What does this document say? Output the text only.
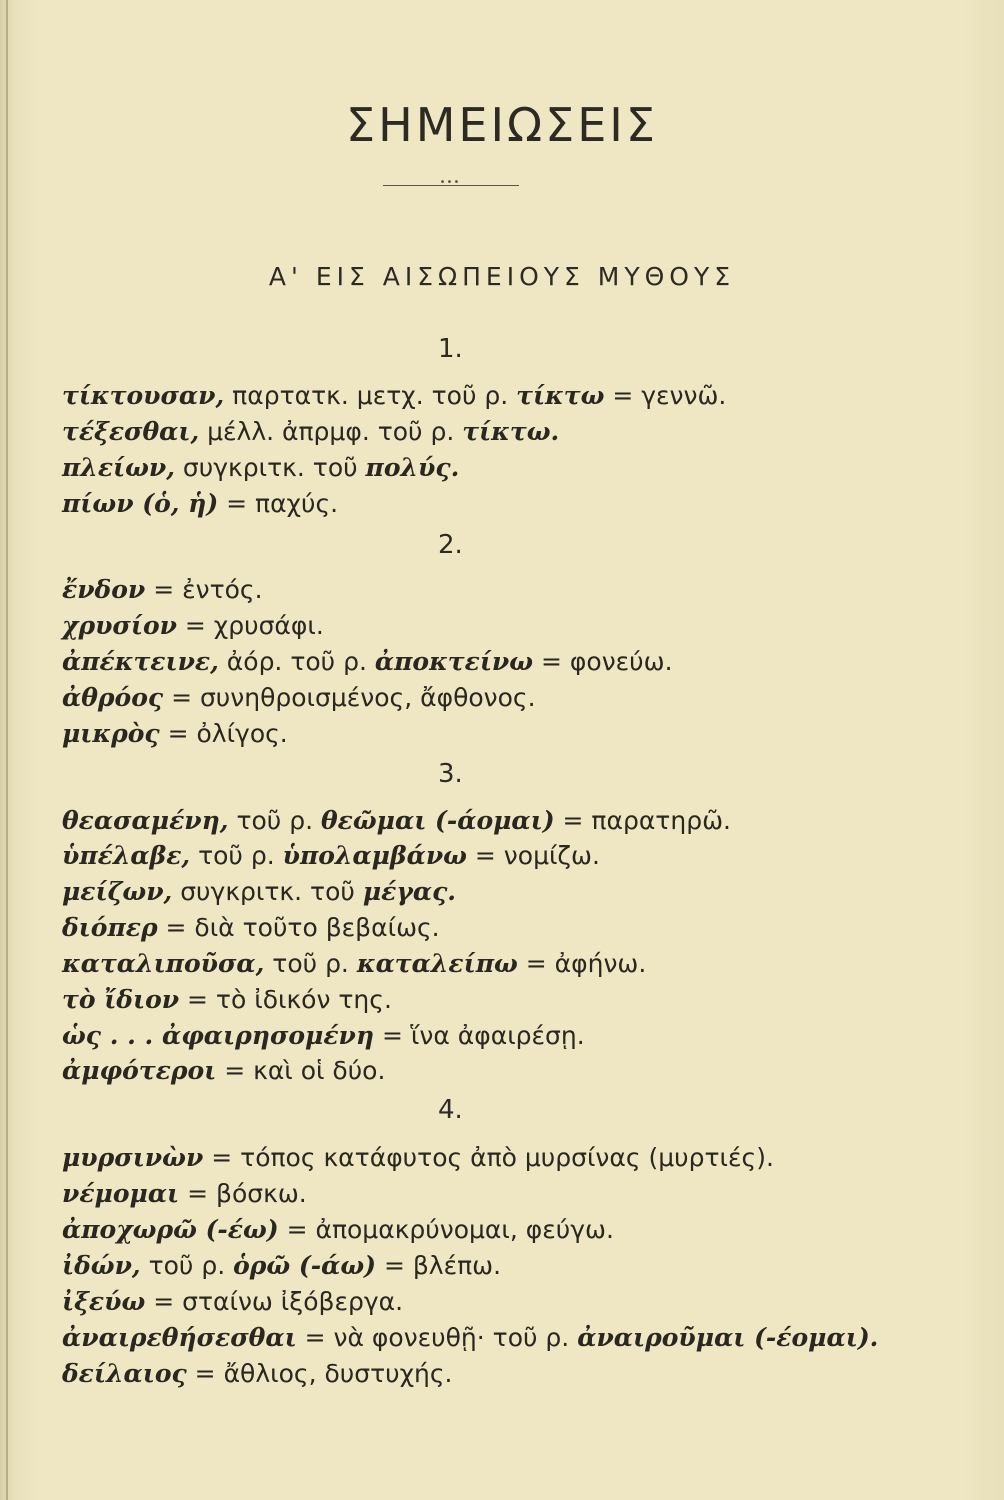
ΣΗΜΕΙΩΣΕΙΣ
•••
Α' ΕΙΣ ΑΙΣΩΠΕΙΟΥΣ ΜΥΘΟΥΣ
1.
τίκτουσαν, παρτατκ. μετχ. τοῦ ρ. τίκτω = γεννῶ.
τέξεσθαι, μέλλ. ἀπρμφ. τοῦ ρ. τίκτω.
πλείων, συγκριτκ. τοῦ πολύς.
πίων (ὁ, ἡ) = παχύς.
2.
ἔνδον = ἐντός.
χρυσίον = χρυσάφι.
ἀπέκτεινε, ἀόρ. τοῦ ρ. ἀποκτείνω = φονεύω.
ἀθρόος = συνηθροισμένος, ἄφθονος.
μικρὸς = ὀλίγος.
3.
θεασαμένη, τοῦ ρ. θεῶμαι (-άομαι) = παρατηρῶ.
ὑπέλαβε, τοῦ ρ. ὑπολαμβάνω = νομίζω.
μείζων, συγκριτκ. τοῦ μέγας.
διόπερ = διὰ τοῦτο βεβαίως.
καταλιποῦσα, τοῦ ρ. καταλείπω = ἀφήνω.
τὸ ἴδιον = τὸ ἰδικόν της.
ὡς . . . ἀφαιρησομένη = ἵνα ἀφαιρέσῃ.
ἀμφότεροι = καὶ οἱ δύο.
4.
μυρσινὼν = τόπος κατάφυτος ἀπὸ μυρσίνας (μυρτιές).
νέμομαι = βόσκω.
ἀποχωρῶ (-έω) = ἀπομακρύνομαι, φεύγω.
ἰδών, τοῦ ρ. ὁρῶ (-άω) = βλέπω.
ἰξεύω = σταίνω ἰξόβεργα.
ἀναιρεθήσεσθαι = νὰ φονευθῇ· τοῦ ρ. ἀναιροῦμαι (-έομαι).
δείλαιος = ἄθλιος, δυστυχής.
